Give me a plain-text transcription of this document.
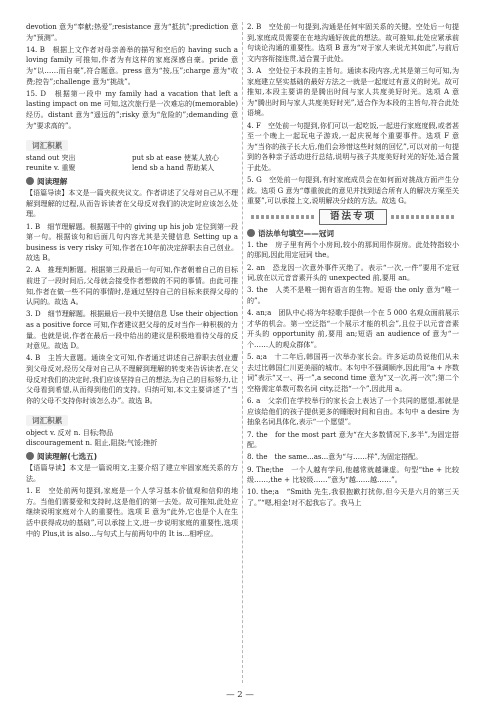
devotion 意为“奉献;热爱”;resistance 意为“抵抗”;prediction 意为“预测”。

14. B　根据上文作者对母亲善举的描写和空后的 having such a loving family 可推知,作者为有这样的家庭深感自豪。pride 意为“以……而自豪”,符合题意。press 意为“按,压”;charge 意为“收费;控告”;challenge 意为“挑战”。

15. D　根据第一段中 my family had a vacation that left a lasting impact on me 可知,这次旅行是一次难忘的(memorable)经历。distant 意为“遥远的”;risky 意为“危险的”;demanding 意为“要求高的”。

词汇积累
stand out 突出	put sb at ease 使某人放心
reunite v. 重聚	lend sb a hand 帮助某人
阅读理解

【语篇导读】本文是一篇夹叙夹议文。作者讲述了父母对自己从不理解到理解的过程,从而告诉读者在父母反对我们的决定时应该怎么处理。

1. B　细节理解题。根据题干中的 giving up his job 定位到第一段第一句。根据该句和后面几句内容尤其是关键信息 Setting up a business is very risky 可知,作者在10年前决定辞职去自己创业。故选 B。

2. A　推理判断题。根据第三段最后一句可知,作者朝着自己的目标前进了一段时间后,父母就会接受作者想做的不同的事情。由此可推知,作者在做一些不同的事情时,是通过坚持自己的目标来获得父母的认同的。故选 A。

3. D　细节理解题。根据最后一段中关键信息 Use their objection as a positive force 可知,作者建议把父母的反对当作一种积极的力量。也就是说,作者在最后一段中给出的建议是积极地看待父母的反对意见。故选 D。

4. B　主旨大意题。通读全文可知,作者通过讲述自己辞职去创业遭到父母反对,经历父母对自己从不理解到理解的转变来告诉读者,在父母反对我们的决定时,我们应该坚持自己的想法,为自己的目标努力,让父母看到希望,从而得到他们的支持。归纳可知,本文主要讲述了“当你的父母不支持你时该怎么办”。故选 B。

词汇积累
object v. 反对 n. 目标;物品
discouragement n. 阻止,阻挠;气馁;挫折
阅读理解(七选五)

【语篇导读】本文是一篇说明文,主要介绍了建立牢固家庭关系的方法。

1. E　空处前两句提到,家庭是一个人学习基本价值观和信仰的地方。当他们需要爱和支持时,这是他们的第一去处。故可推知,此处应继续说明家庭对个人的重要性。选项 E 意为“此外,它也是个人在生活中获得成功的基础”,可以承接上文,进一步说明家庭的重要性,选项中的 Plus,it is also...与句式上与前两句中的 It is...相呼应。

2. B　空处前一句提到,沟通是任何牢固关系的关键。空处后一句提到,家庭成员需要在在地沟通好彼此的想法。故可推知,此处应紧承前句谈论沟通的重要性。选项 B 意为“对于家人来说尤其如此”,与前后文内容衔接连贯,适合置于此处。

3. A　空处位于本段的主旨句。通读本段内容,尤其是第三句可知,为家庭建立坚实基础的最好方法之一就是一起度过有意义的时光。故可推知,本段主要讲的是腾出时间与家人共度美好时光。选项 A 意为“腾出时间与家人共度美好时光”,适合作为本段的主旨句,符合此处语境。

4. F　空处前一句提到,你们可以一起吃饭,一起进行家庭度假,或者甚至一个晚上一起玩电子游戏,一起庆祝每个重要事件。选项 F 意为“当你的孩子长大后,他们会珍惜这些时刻的回忆”,可以对前一句提到的各种亲子活动进行总结,说明与孩子共度美好时光的好处,适合置于此处。

5. G　空处前一句提到,有时家庭成员会在如何面对挑战方面产生分歧。选项 G 意为“尊重彼此的意见并找到适合所有人的解决方案至关重要”,可以承接上文,说明解决分歧的方法。故选 G。

语法专项
语法单句填空——冠词

1. the　房子里有两个小房间,较小的那间用作厨房。此处特指较小的那间,因此用定冠词 the。

2. an　恐龙因一次意外事件灭绝了。表示“一次,一件”要用不定冠词,放在以元音音素开头的 unexpected 前,要用 an。

3. the　人类不是唯一拥有语言的生物。短语 the only 意为“唯一的”。

4. an;a　团队中心将为年轻歌手提供一个在 5 000 名观众面前展示才华的机会。第一空泛指“一个展示才能的机会”,且位于以元音音素开头的 opportunity 前,要用 an;短语 an audience of 意为“一个……人的观众群体”。

5. a;a　十二年后,韩国再一次举办家长会。许多运动员说他们从未去过比韩国仁川更美丽的城市。本句中不强调顺序,因此用“a + 序数词”表示“又一、再一”,a second time 意为“又一次,再一次”;第二个空格需定单数可数名词 city,泛指“一个”,因此用 a。

6. a　父亲们在学校举行的家长会上表达了一个共同的愿望,那就是应该给他们的孩子提供更多的睡眠时间和自由。本句中 a desire 为抽象名词具体化,表示“一个愿望”。

7. the　for the most part 意为“在大多数情况下,多半”,为固定搭配。

8. the　the same...as...意为“与……样”,为固定搭配。

9. The;the　一个人越有学问,他越常就越谦虚。句型“the + 比较级……,the + 比较级……”意为“越……越……”。

10. the;a　“Smith 先生,我很抱歉打扰你,但今天是六月的第三天了。”“嗯,相金!对不起我忘了。我马上

— 2 —
